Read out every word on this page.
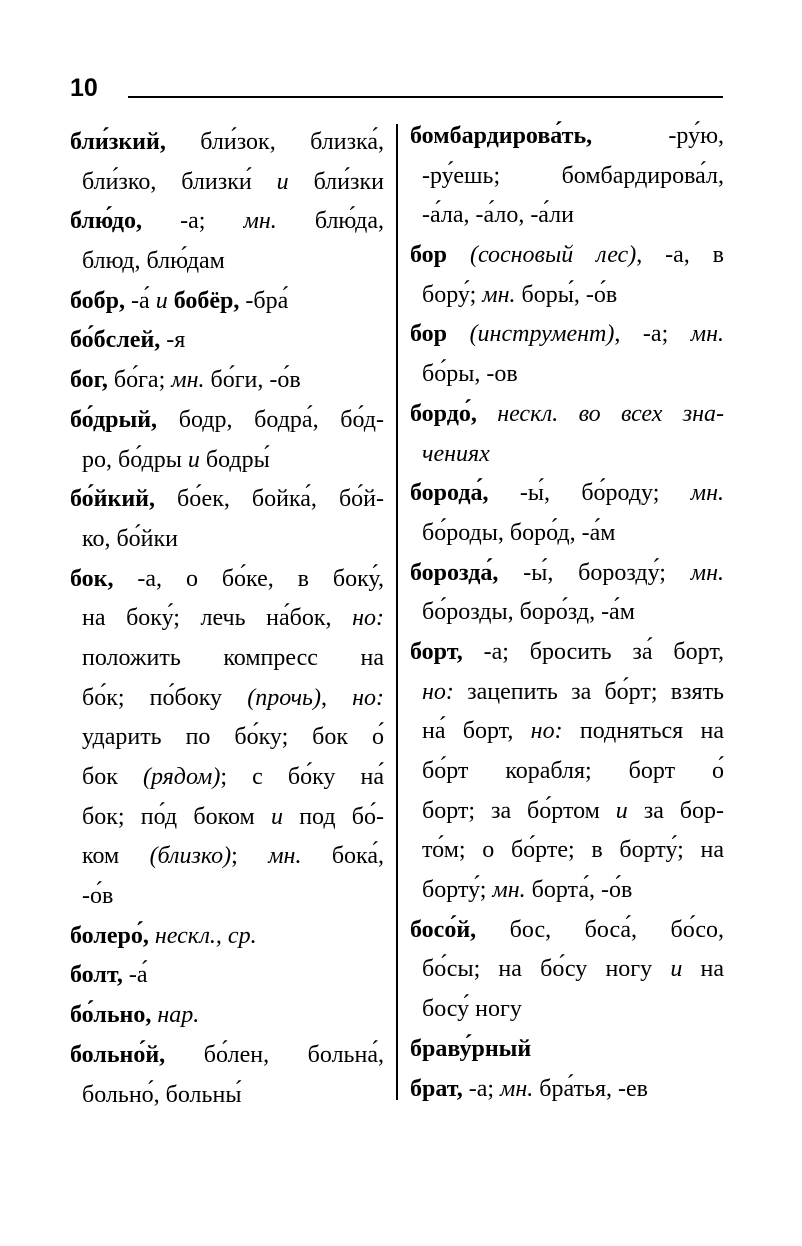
10
бли́зкий, бли́зок, близка́,
бли́зко, близки́ и бли́зки
блю́до, -а; мн. блю́да,
блюд, блю́дам
бобр, -а́ и бобёр, -бра́
бо́бслей, -я
бог, бо́га; мн. бо́ги, -о́в
бо́дрый, бодр, бодра́, бо́д-
ро, бо́дры и бодры́
бо́йкий, бо́ек, бойка́, бо́й-
ко, бо́йки
бок, -а, о бо́ке, в боку́,
на боку́; лечь на́бок, но:
положить компресс на
бо́к; по́боку (прочь), но:
ударить по бо́ку; бок о́
бок (рядом); с бо́ку на́
бок; по́д боком и под бо́-
ком (близко); мн. бока́,
-о́в
болеро́, нескл., ср.
болт, -а́
бо́льно, нар.
больно́й, бо́лен, больна́,
больно́, больны́
бомбардирова́ть, -ру́ю,
-ру́ешь; бомбардирова́л,
-а́ла, -а́ло, -а́ли
бор (сосновый лес), -а, в
бору́; мн. боры́, -о́в
бор (инструмент), -а; мн.
бо́ры, -ов
бордо́, нескл. во всех зна-
чениях
борода́, -ы́, бо́роду; мн.
бо́роды, боро́д, -а́м
борозда́, -ы́, борозду́; мн.
бо́розды, боро́зд, -а́м
борт, -а; бросить за́ борт,
но: зацепить за бо́рт; взять
на́ борт, но: подняться на
бо́рт корабля; борт о́
борт; за бо́ртом и за бор-
то́м; о бо́рте; в борту́; на
борту́; мн. борта́, -о́в
босо́й, бос, боса́, бо́со,
бо́сы; на бо́су ногу и на
босу́ ногу
браву́рный
брат, -а; мн. бра́тья, -ев
